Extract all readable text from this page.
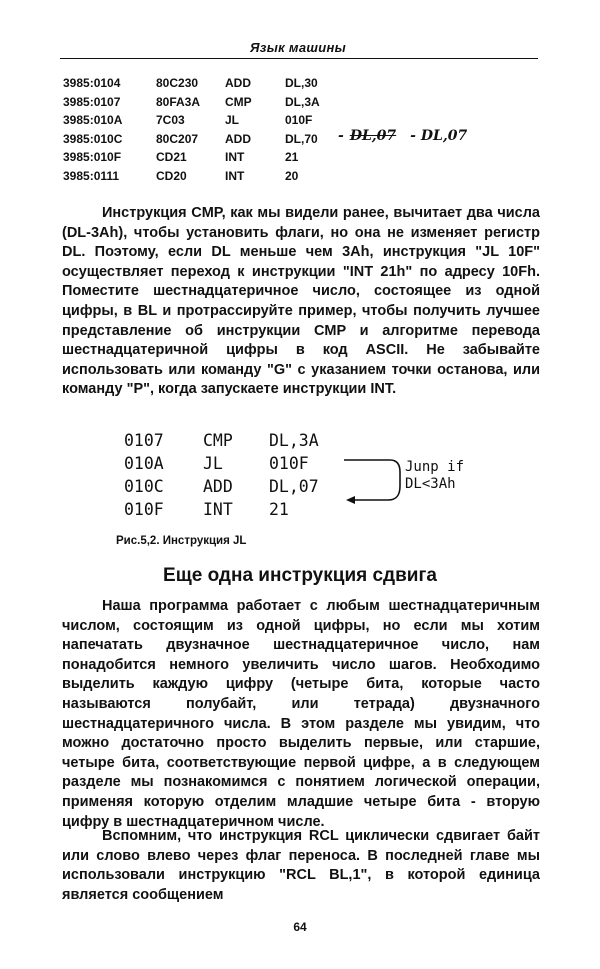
Язык машины
3985:0104	80C230 ADD	DL,30
3985:0107	80FA3A CMP	DL,3A
3985:010A	7C03	JL	010F
3985:010C	80C207 ADD	DL,70
3985:010F	CD21	INT	21
3985:0111	CD20	INT	20
- DL,07 - DL,07

Инструкция CMP, как мы видели ранее, вычитает два числа (DL-3Ah), чтобы установить флаги, но она не изменяет регистр DL. Поэтому, если DL меньше чем 3Ah, инструкция "JL 10F" осуществляет переход к инструкции "INT 21h" по адресу 10Fh. Поместите шестнадцатеричное число, состоящее из одной цифры, в BL и протрассируйте пример, чтобы получить лучшее представление об инструкции CMP и алгоритме перевода шестнадцатеричной цифры в код ASCII. Не забывайте использовать или команду "G" с указанием точки останова, или команду "P", когда запускаете инструкции INT.

0107 CMP DL,3A
010A JL	010F
010C ADD DL,07
010F INT 21
Junp if
DL<3Ah
Рис.5,2. Инструкция JL
Еще одна инструкция сдвига

Наша программа работает с любым шестнадцатеричным числом, состоящим из одной цифры, но если мы хотим напечатать двузначное шестнадцатеричное число, нам понадобится немного увеличить число шагов. Необходимо выделить каждую цифру (четыре бита, которые часто называются полубайт, или тетрада) двузначного шестнадцатеричного числа. В этом разделе мы увидим, что можно достаточно просто выделить первые, или старшие, четыре бита, соответствующие первой цифре, а в следующем разделе мы познакомимся с понятием логической операции, применяя которую отделим младшие четыре бита - вторую цифру в шестнадцатеричном числе.

Вспомним, что инструкция RCL циклически сдвигает байт или слово влево через флаг переноса. В последней главе мы использовали инструкцию "RCL BL,1", в которой единица является сообщением

64
